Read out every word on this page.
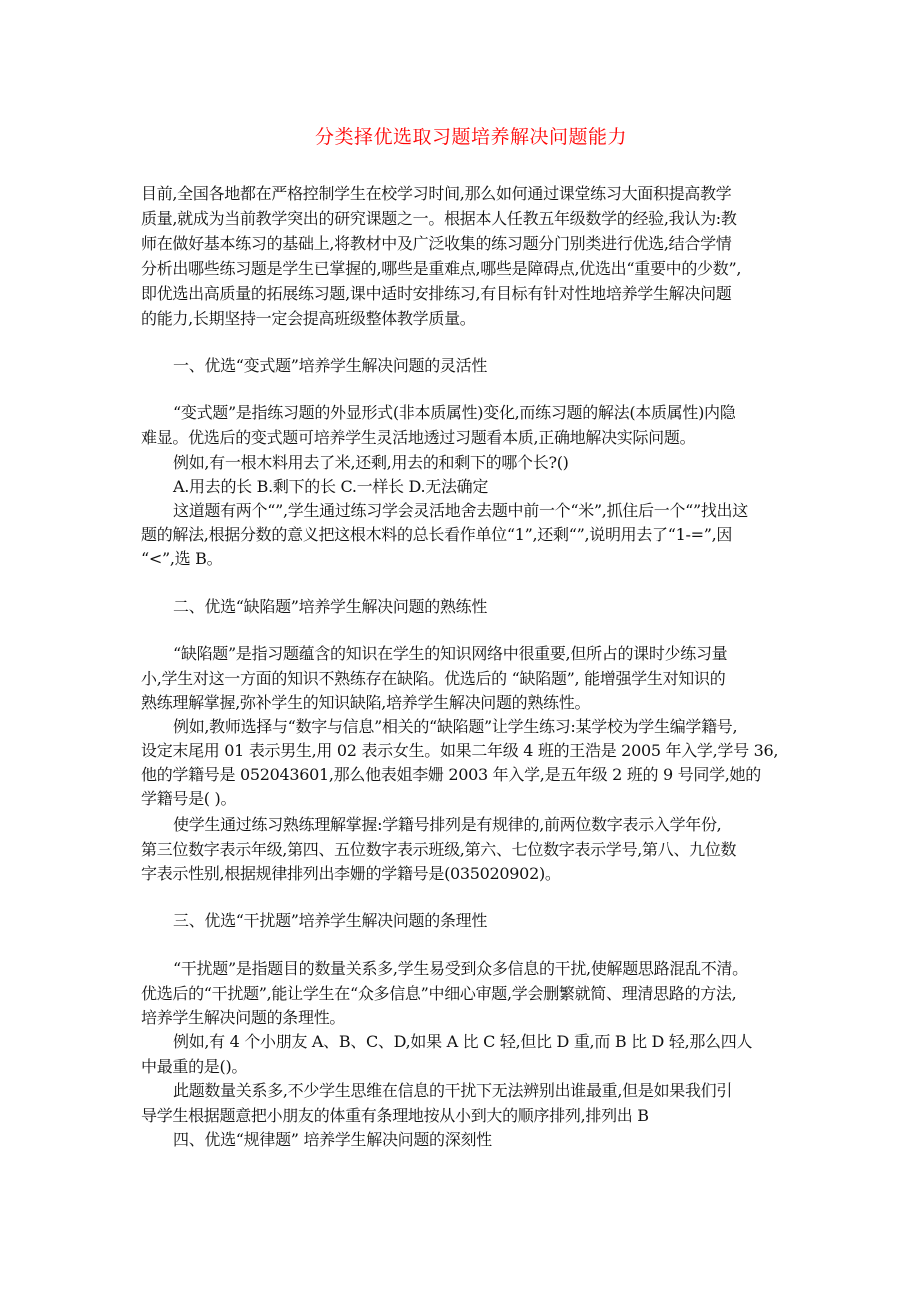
分类择优选取习题培养解决问题能力
目前,全国各地都在严格控制学生在校学习时间,那么如何通过课堂练习大面积提高教学
质量,就成为当前教学突出的研究课题之一。根据本人任教五年级数学的经验,我认为:教
师在做好基本练习的基础上,将教材中及广泛收集的练习题分门别类进行优选,结合学情
分析出哪些练习题是学生已掌握的,哪些是重难点,哪些是障碍点,优选出“重要中的少数”,
即优选出高质量的拓展练习题,课中适时安排练习,有目标有针对性地培养学生解决问题
的能力,长期坚持一定会提高班级整体教学质量。
一、优选“变式题”培养学生解决问题的灵活性
“变式题”是指练习题的外显形式(非本质属性)变化,而练习题的解法(本质属性)内隐
难显。优选后的变式题可培养学生灵活地透过习题看本质,正确地解决实际问题。
例如,有一根木料用去了米,还剩,用去的和剩下的哪个长?()
A.用去的长 B.剩下的长 C.一样长 D.无法确定
这道题有两个“”,学生通过练习学会灵活地舍去题中前一个“米”,抓住后一个“”找出这
题的解法,根据分数的意义把这根木料的总长看作单位“1”,还剩“”,说明用去了“1-=”,因
“<”,选 B。
二、优选“缺陷题”培养学生解决问题的熟练性
“缺陷题”是指习题蕴含的知识在学生的知识网络中很重要,但所占的课时少练习量
小,学生对这一方面的知识不熟练存在缺陷。优选后的 “缺陷题”, 能增强学生对知识的
熟练理解掌握,弥补学生的知识缺陷,培养学生解决问题的熟练性。
例如,教师选择与“数字与信息”相关的“缺陷题”让学生练习:某学校为学生编学籍号,
设定末尾用 01 表示男生,用 02 表示女生。如果二年级 4 班的王浩是 2005 年入学,学号 36,
他的学籍号是 052043601,那么他表姐李姗 2003 年入学,是五年级 2 班的 9 号同学,她的
学籍号是( )。
使学生通过练习熟练理解掌握:学籍号排列是有规律的,前两位数字表示入学年份,
第三位数字表示年级,第四、五位数字表示班级,第六、七位数字表示学号,第八、九位数
字表示性别,根据规律排列出李姗的学籍号是(035020902)。
三、优选“干扰题”培养学生解决问题的条理性
“干扰题”是指题目的数量关系多,学生易受到众多信息的干扰,使解题思路混乱不清。
优选后的“干扰题”,能让学生在“众多信息”中细心审题,学会删繁就简、理清思路的方法,
培养学生解决问题的条理性。
例如,有 4 个小朋友 A、B、C、D,如果 A 比 C 轻,但比 D 重,而 B 比 D 轻,那么四人
中最重的是()。
此题数量关系多,不少学生思维在信息的干扰下无法辨别出谁最重,但是如果我们引
导学生根据题意把小朋友的体重有条理地按从小到大的顺序排列,排列出 B
四、优选“规律题” 培养学生解决问题的深刻性
